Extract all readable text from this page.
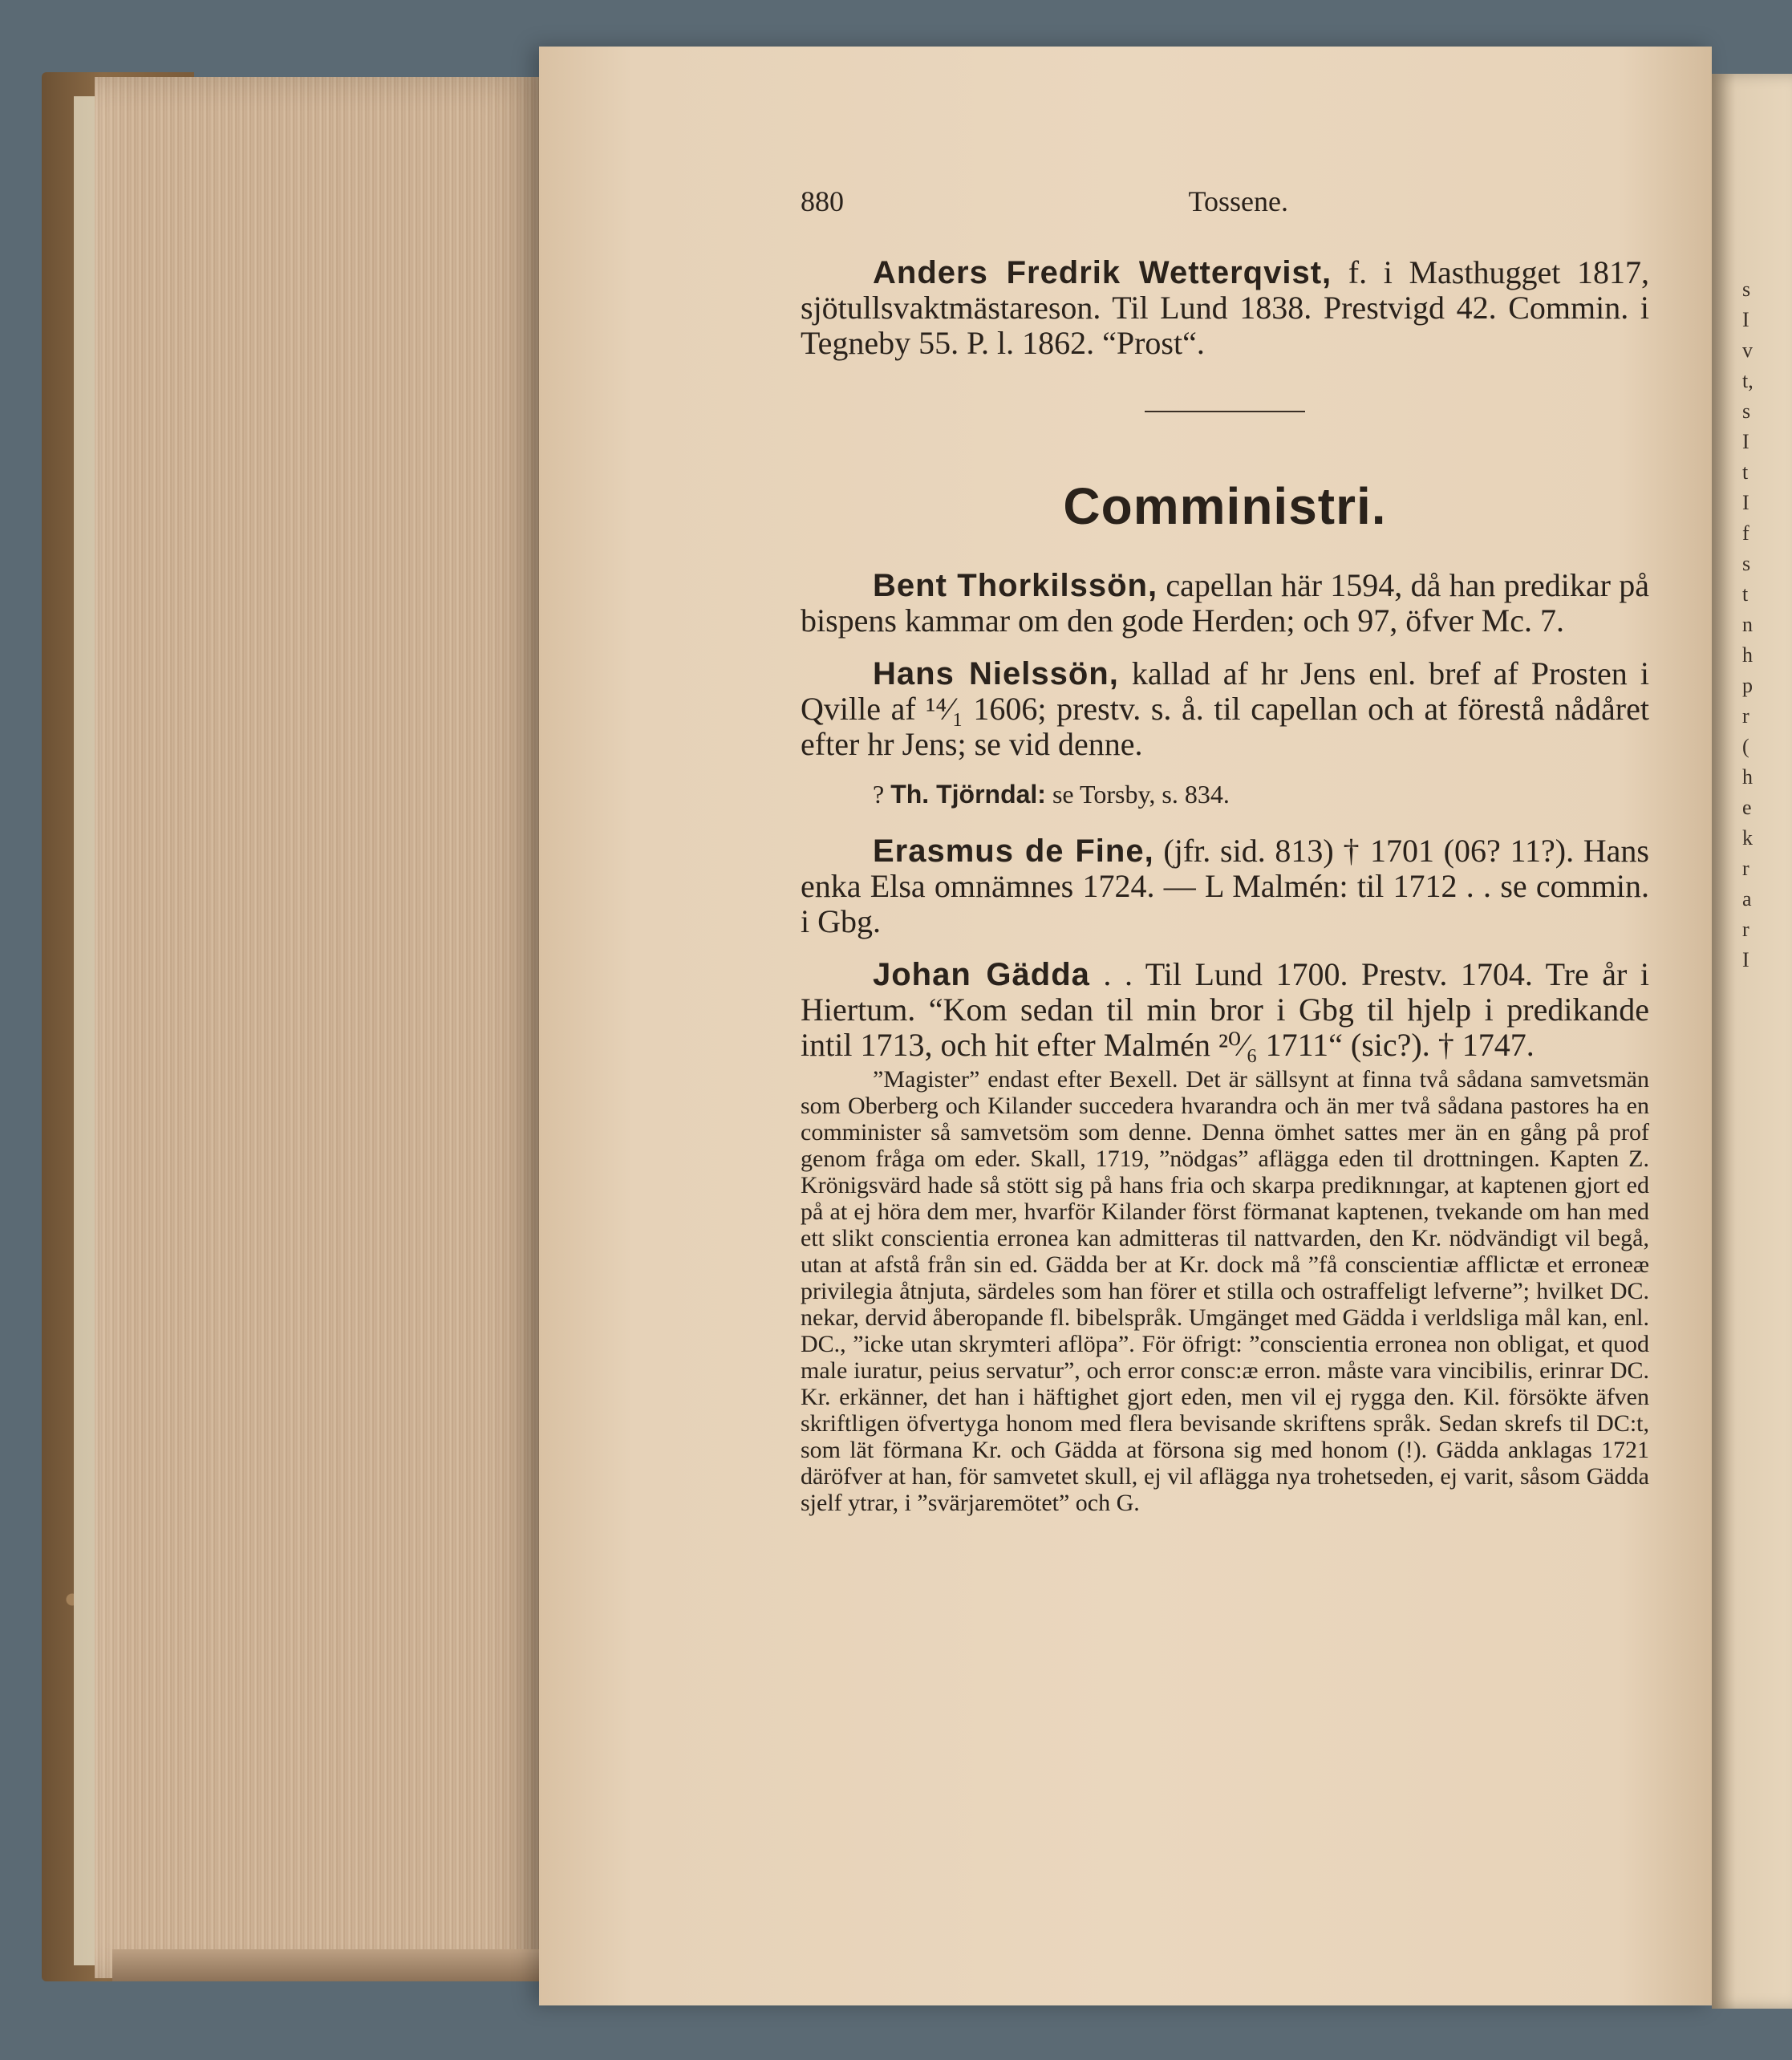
s
I
v
t,
s
I
t
I
f
s
t
n
h
p
r
(
h
e
k
r
a
r
I
880	Tossene.

Anders Fredrik Wetterqvist, f. i Masthugget 1817, sjötullsvaktmästareson. Til Lund 1838. Prestvigd 42. Commin. i Tegneby 55. P. l. 1862. “Prost“.

Comministri.

Bent Thorkilssön, capellan här 1594, då han predikar på bispens kammar om den gode Herden; och 97, öfver Mc. 7.

Hans Nielssön, kallad af hr Jens enl. bref af Prosten i Qville af ¹⁴⁄₁ 1606; prestv. s. å. til capellan och at förestå nådåret efter hr Jens; se vid denne.

? Th. Tjörndal: se Torsby, s. 834.

Erasmus de Fine, (jfr. sid. 813) † 1701 (06? 11?). Hans enka Elsa omnämnes 1724. — L Malmén: til 1712 . . se commin. i Gbg.

Johan Gädda . . Til Lund 1700. Prestv. 1704. Tre år i Hiertum. “Kom sedan til min bror i Gbg til hjelp i predikande intil 1713, och hit efter Malmén ²⁰⁄₆ 1711“ (sic?). † 1747.

”Magister” endast efter Bexell. Det är sällsynt at finna två sådana samvetsmän som Oberberg och Kilander succedera hvarandra och än mer två sådana pastores ha en comminister så samvetsöm som denne. Denna ömhet sattes mer än en gång på prof genom fråga om eder. Skall, 1719, ”nödgas” aflägga eden til drottningen. Kapten Z. Krönigsvärd hade så stött sig på hans fria och skarpa prediknıngar, at kaptenen gjort ed på at ej höra dem mer, hvarför Kilander först förmanat kaptenen, tvekande om han med ett slikt conscientia erronea kan admitteras til nattvarden, den Kr. nödvändigt vil begå, utan at afstå från sin ed. Gädda ber at Kr. dock må ”få conscientiæ afflictæ et erroneæ privilegia åtnjuta, särdeles som han förer et stilla och ostraffeligt lefverne”; hvilket DC. nekar, dervid åberopande fl. bibelspråk. Umgänget med Gädda i verldsliga mål kan, enl. DC., ”icke utan skrymteri aflöpa”. För öfrigt: ”conscientia erronea non obligat, et quod male iuratur, peius servatur”, och error consc:æ erron. måste vara vincibilis, erinrar DC. Kr. erkänner, det han i häftighet gjort eden, men vil ej rygga den. Kil. försökte äfven skriftligen öfvertyga honom med flera bevisande skriftens språk. Sedan skrefs til DC:t, som lät förmana Kr. och Gädda at försona sig med honom (!). Gädda anklagas 1721 däröfver at han, för samvetet skull, ej vil aflägga nya trohetseden, ej varit, såsom Gädda sjelf ytrar, i ”svärjaremötet” och G.
